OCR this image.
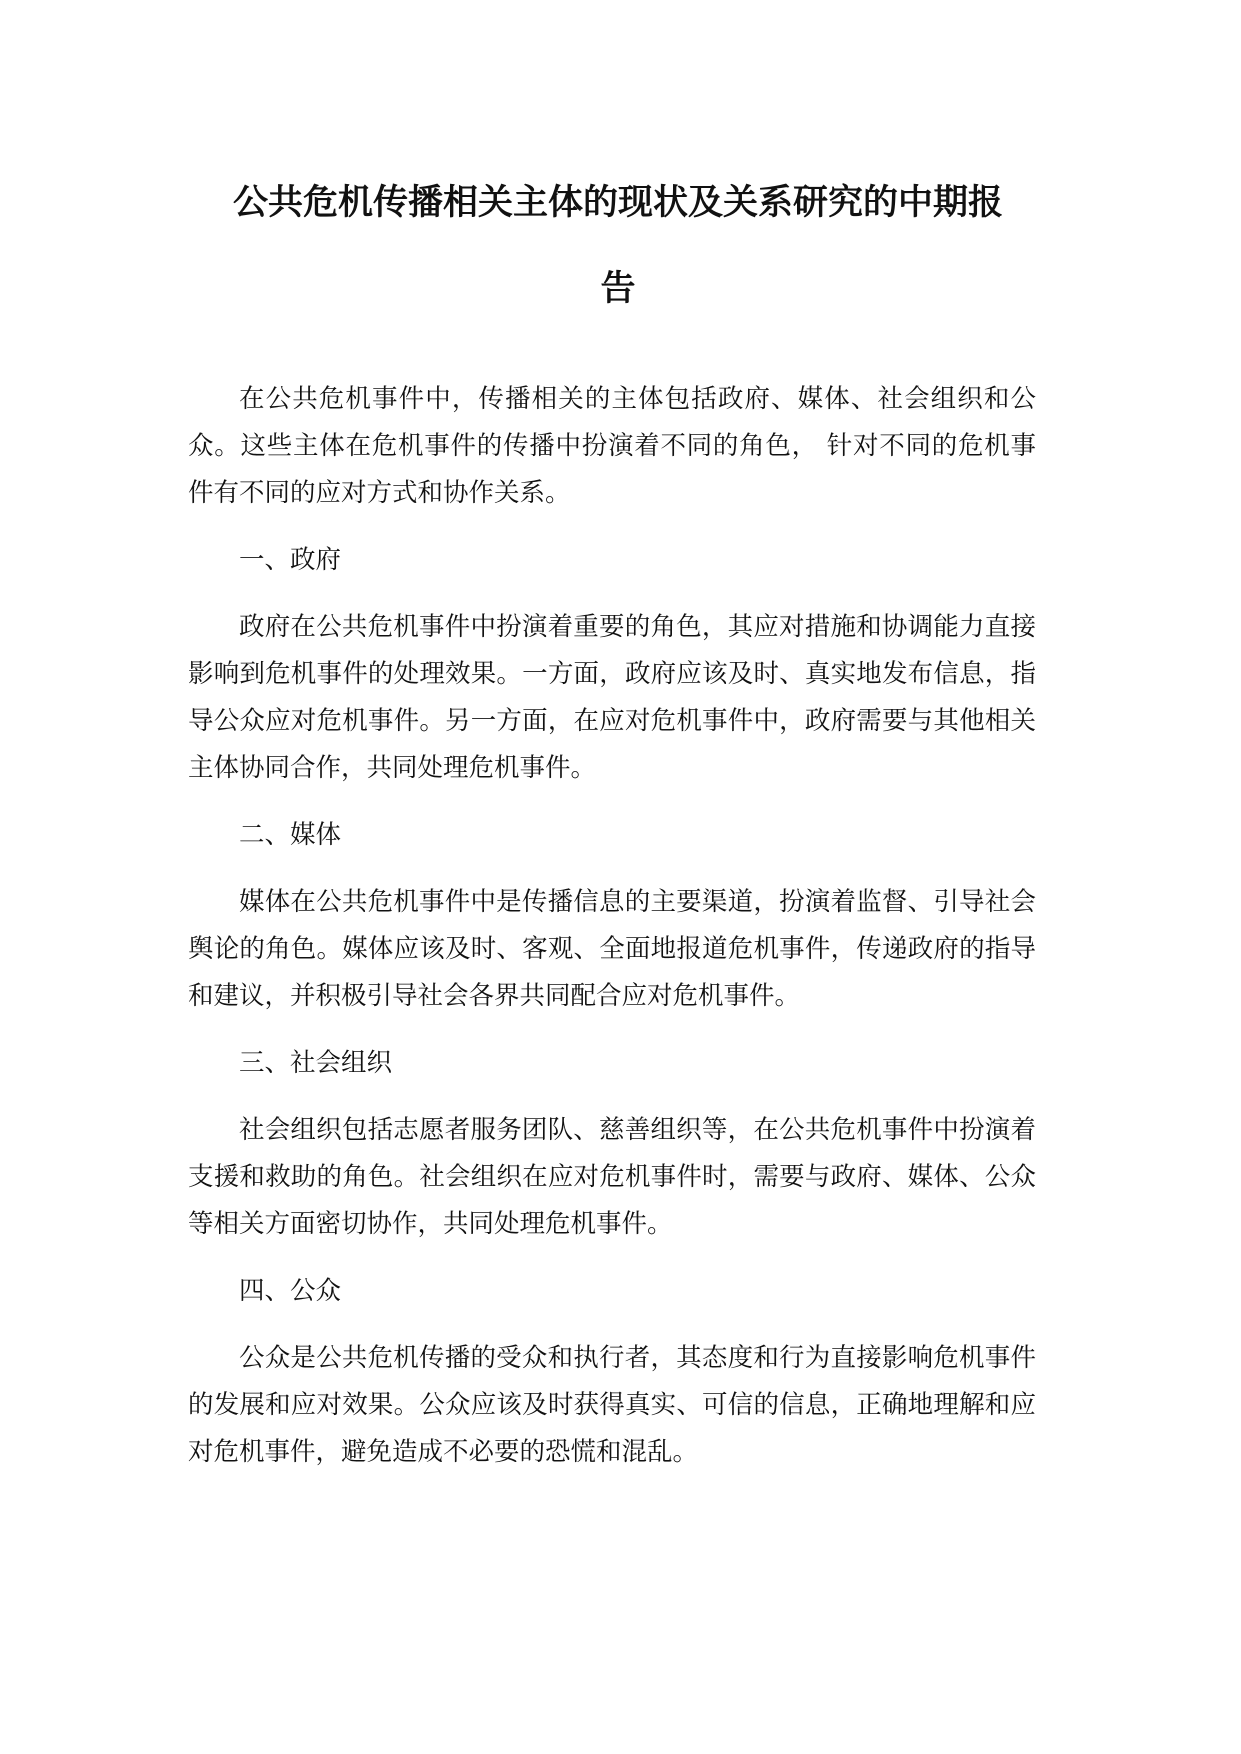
公共危机传播相关主体的现状及关系研究的中期报
告

在公共危机事件中，传播相关的主体包括政府、媒体、社会组织和公众。这些主体在危机事件的传播中扮演着不同的角色， 针对不同的危机事件有不同的应对方式和协作关系。

一、政府

政府在公共危机事件中扮演着重要的角色，其应对措施和协调能力直接影响到危机事件的处理效果。一方面，政府应该及时、真实地发布信息，指导公众应对危机事件。另一方面，在应对危机事件中，政府需要与其他相关主体协同合作，共同处理危机事件。

二、媒体

媒体在公共危机事件中是传播信息的主要渠道，扮演着监督、引导社会舆论的角色。媒体应该及时、客观、全面地报道危机事件，传递政府的指导和建议，并积极引导社会各界共同配合应对危机事件。

三、社会组织

社会组织包括志愿者服务团队、慈善组织等，在公共危机事件中扮演着支援和救助的角色。社会组织在应对危机事件时，需要与政府、媒体、公众等相关方面密切协作，共同处理危机事件。

四、公众

公众是公共危机传播的受众和执行者，其态度和行为直接影响危机事件的发展和应对效果。公众应该及时获得真实、可信的信息，正确地理解和应对危机事件，避免造成不必要的恐慌和混乱。
